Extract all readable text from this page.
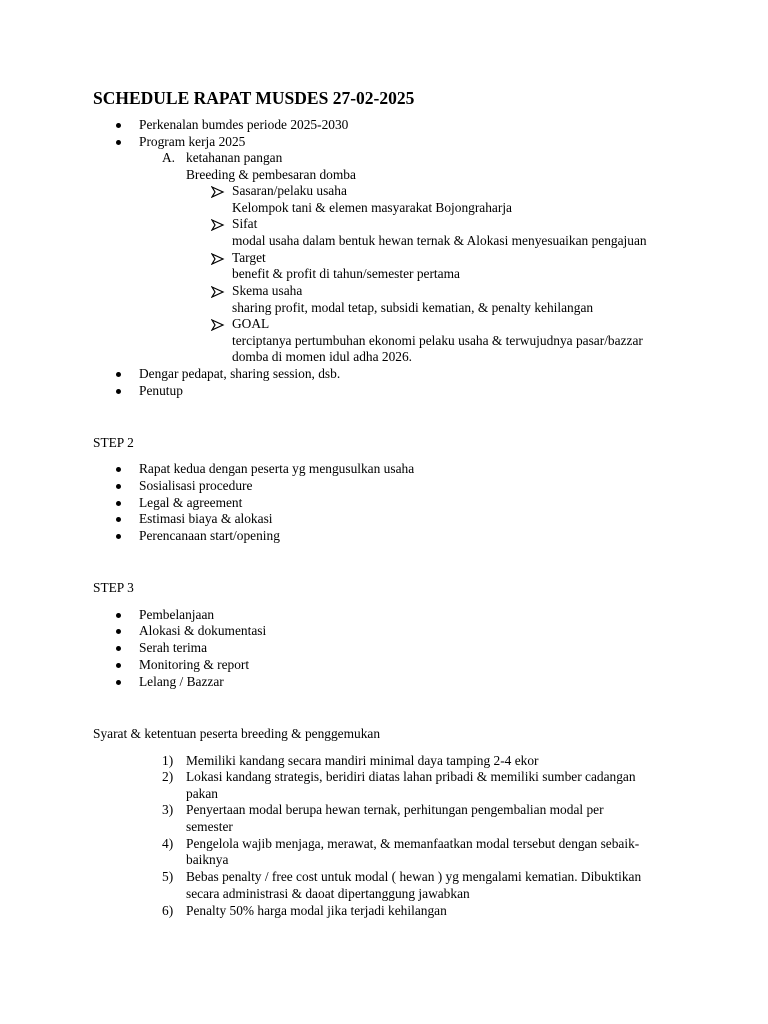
SCHEDULE RAPAT MUSDES 27-02-2025
Perkenalan bumdes periode 2025-2030
Program kerja 2025
A. ketahanan pangan
Breeding & pembesaran domba
Sasaran/pelaku usaha
Kelompok tani & elemen masyarakat Bojongraharja
Sifat
modal usaha dalam bentuk hewan ternak & Alokasi menyesuaikan pengajuan
Target
benefit & profit di tahun/semester pertama
Skema usaha
sharing profit, modal tetap, subsidi kematian, & penalty kehilangan
GOAL
terciptanya pertumbuhan ekonomi pelaku usaha & terwujudnya pasar/bazzar
domba di momen idul adha 2026.
Dengar pedapat, sharing session, dsb.
Penutup
STEP 2
Rapat kedua dengan peserta yg mengusulkan usaha
Sosialisasi procedure
Legal & agreement
Estimasi biaya & alokasi
Perencanaan start/opening
STEP 3
Pembelanjaan
Alokasi & dokumentasi
Serah terima
Monitoring & report
Lelang / Bazzar
Syarat & ketentuan peserta breeding & penggemukan
1) Memiliki kandang secara mandiri minimal daya tamping 2-4 ekor
2) Lokasi kandang strategis, beridiri diatas lahan pribadi & memiliki sumber cadangan
pakan
3) Penyertaan modal berupa hewan ternak, perhitungan pengembalian modal per
semester
4) Pengelola wajib menjaga, merawat, & memanfaatkan modal tersebut dengan sebaik-
baiknya
5) Bebas penalty / free cost untuk modal ( hewan ) yg mengalami kematian. Dibuktikan
secara administrasi & daoat dipertanggung jawabkan
6) Penalty 50% harga modal jika terjadi kehilangan
